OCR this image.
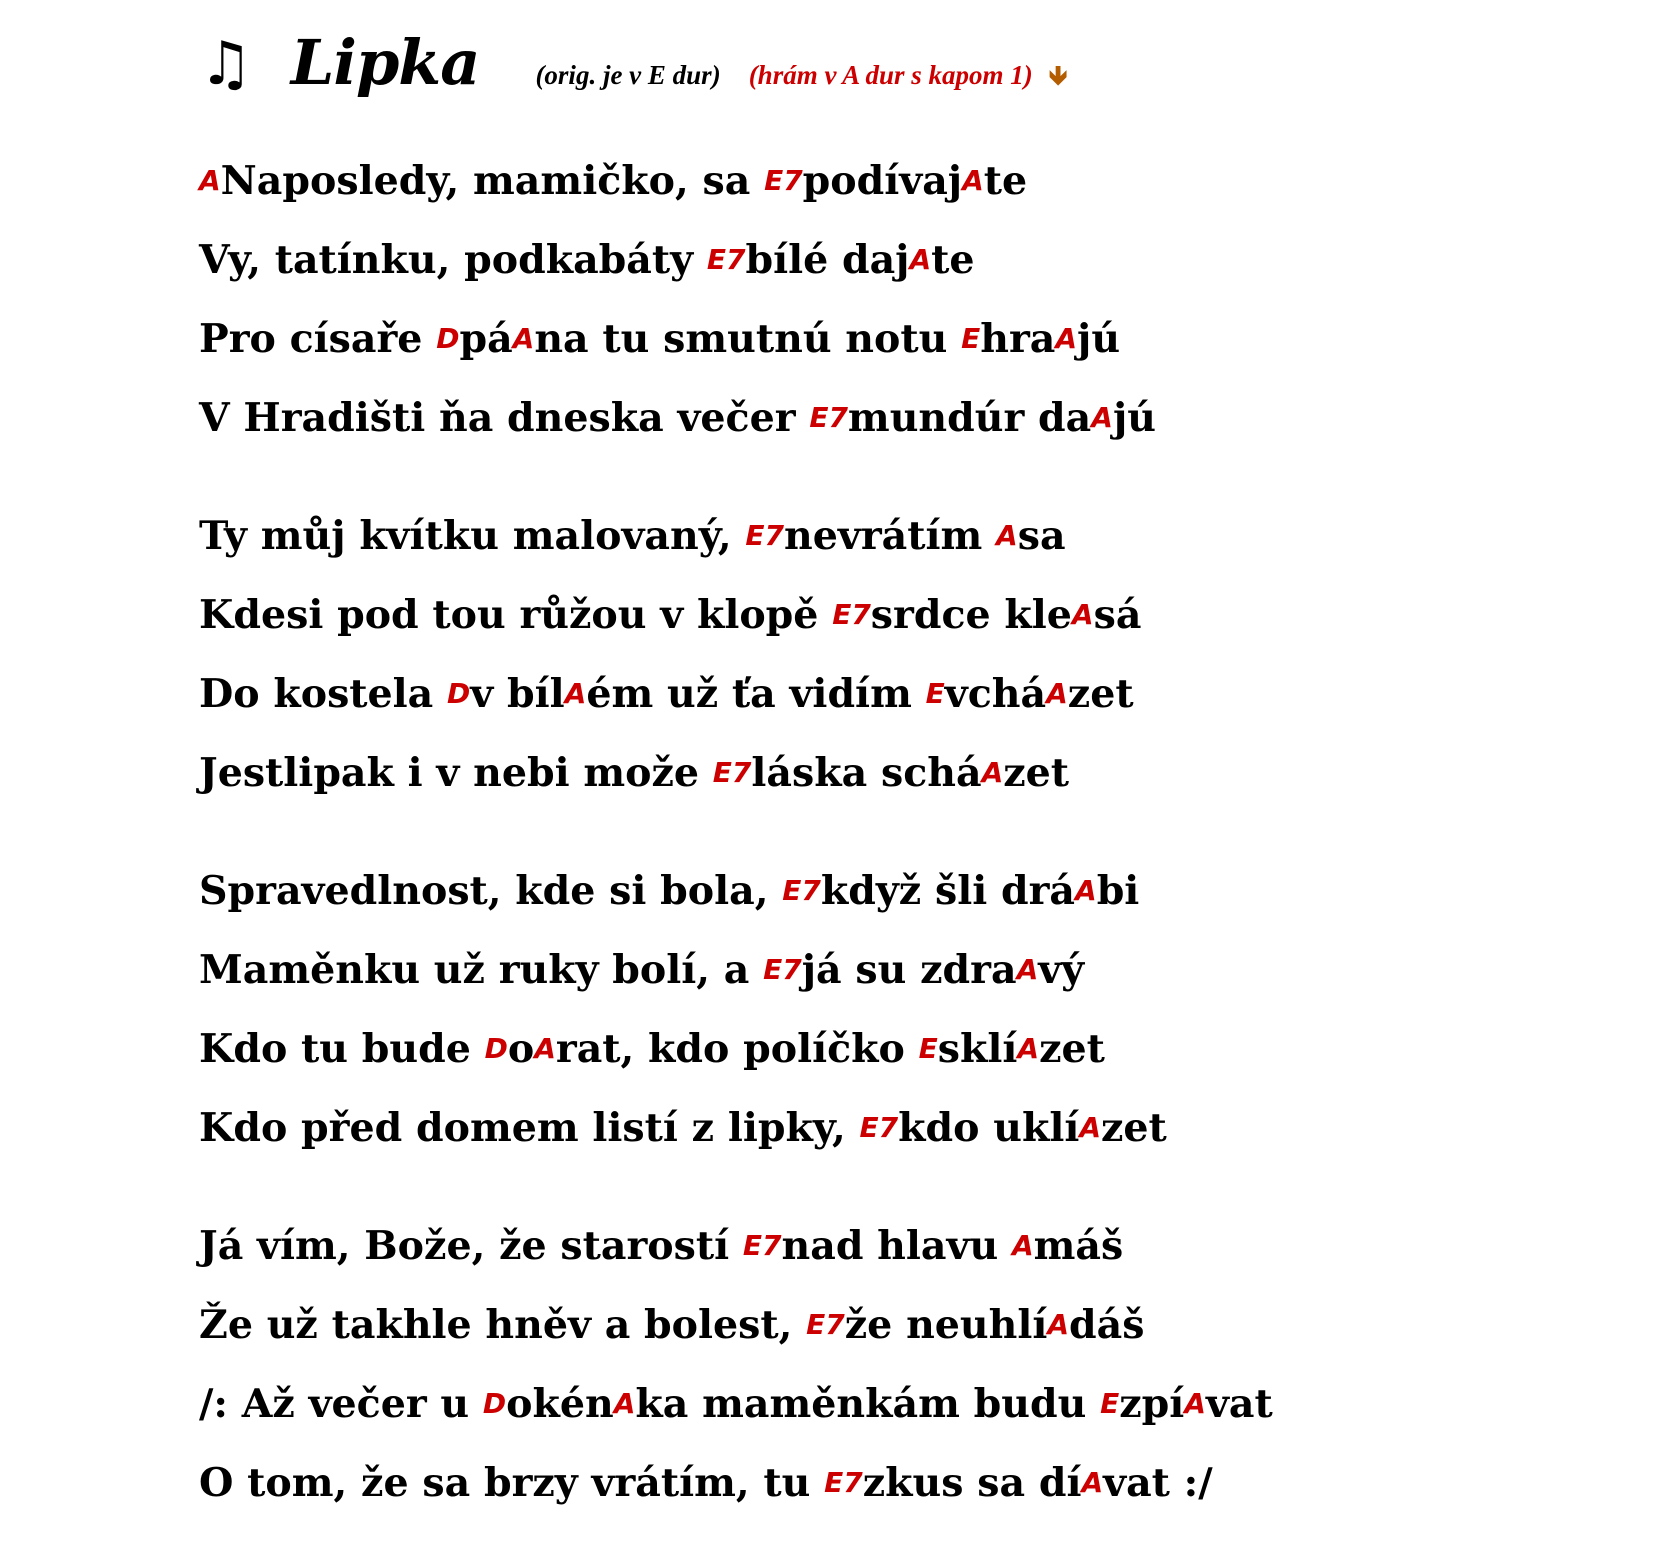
♫ Lipka (orig. je v E dur) (hrám v A dur s kapom 1) 🡻
A Naposledy, mamičko, sa E7 podívaj A te
Vy, tatínku, podkabáty E7 bílé daj A te
Pro císaře D pá A na tu smutnú notu E hra A jú
V Hradišti ňa dneska večer E7 mundúr da A jú
Ty můj kvítku malovaný, E7 nevrátím A sa
Kdesi pod tou růžou v klopě E7 srdce kle A sá
Do kostela D v bíl A ém už ťa vidím E vchá A zet
Jestlipak i v nebi može E7 láska schá A zet
Spravedlnost, kde si bola, E7 když šli drá A bi
Maměnku už ruky bolí, a E7 já su zdra A vý
Kdo tu bude D o A rat, kdo políčko E sklí A zet
Kdo před domem listí z lipky, E7 kdo uklí A zet
Já vím, Bože, že starostí E7 nad hlavu A máš
Že už takhle hněv a bolest, E7 že neuhlí A dáš
/: Až večer u D okén A ka maměnkám budu E zpí A vat
O tom, že sa brzy vrátím, tu E7 zkus sa dí A vat :/
